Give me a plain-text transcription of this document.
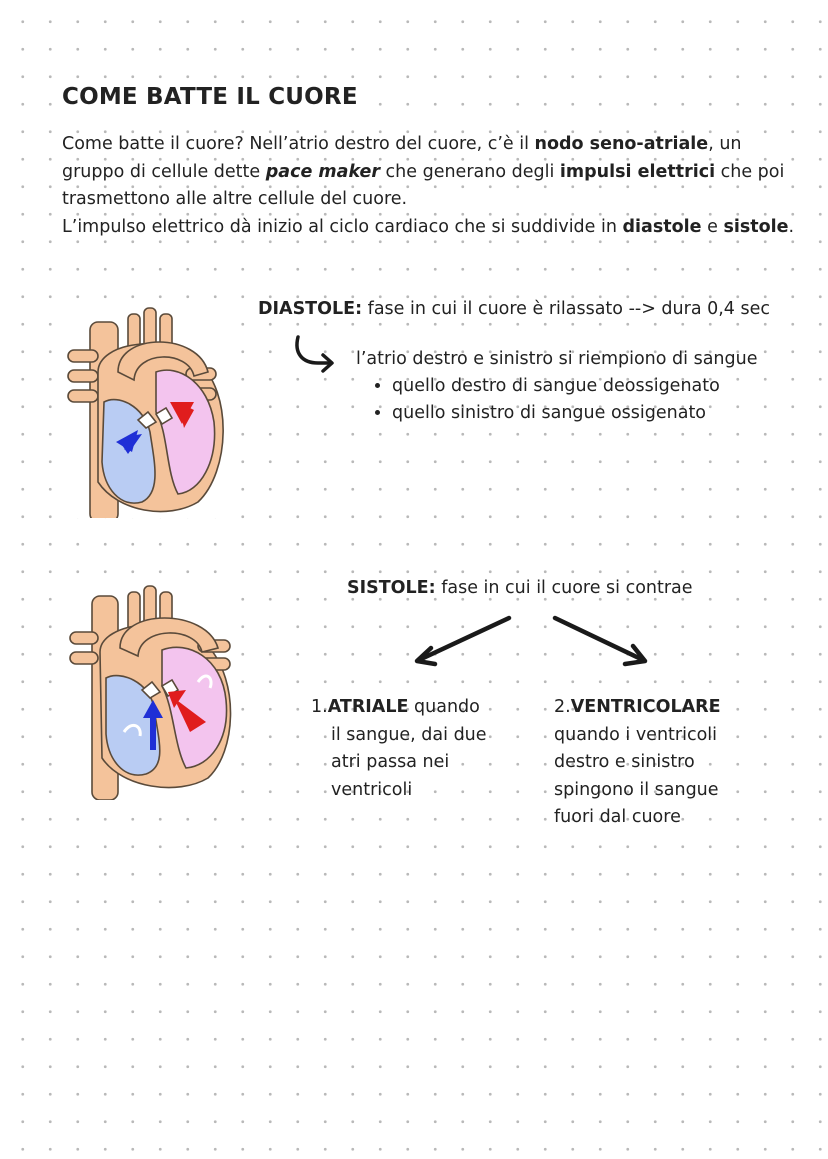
COME BATTE IL CUORE
Come batte il cuore? Nell’atrio destro del cuore, c’è il nodo seno-atriale, un gruppo di cellule dette pace maker che generano degli impulsi elettrici che poi trasmettono alle altre cellule del cuore.
L’impulso elettrico dà inizio al ciclo cardiaco che si suddivide in diastole e sistole.
DIASTOLE: fase in cui il cuore è rilassato --> dura 0,4 sec
l’atrio destro e sinistro si riempiono di sangue
• quello destro di sangue deossigenato
• quello sinistro di sangue ossigenato
SISTOLE: fase in cui il cuore si contrae
1.ATRIALE quando
il sangue, dai due
atri passa nei
ventricoli
2.VENTRICOLARE
quando i ventricoli
destro e sinistro
spingono il sangue
fuori dal cuore
